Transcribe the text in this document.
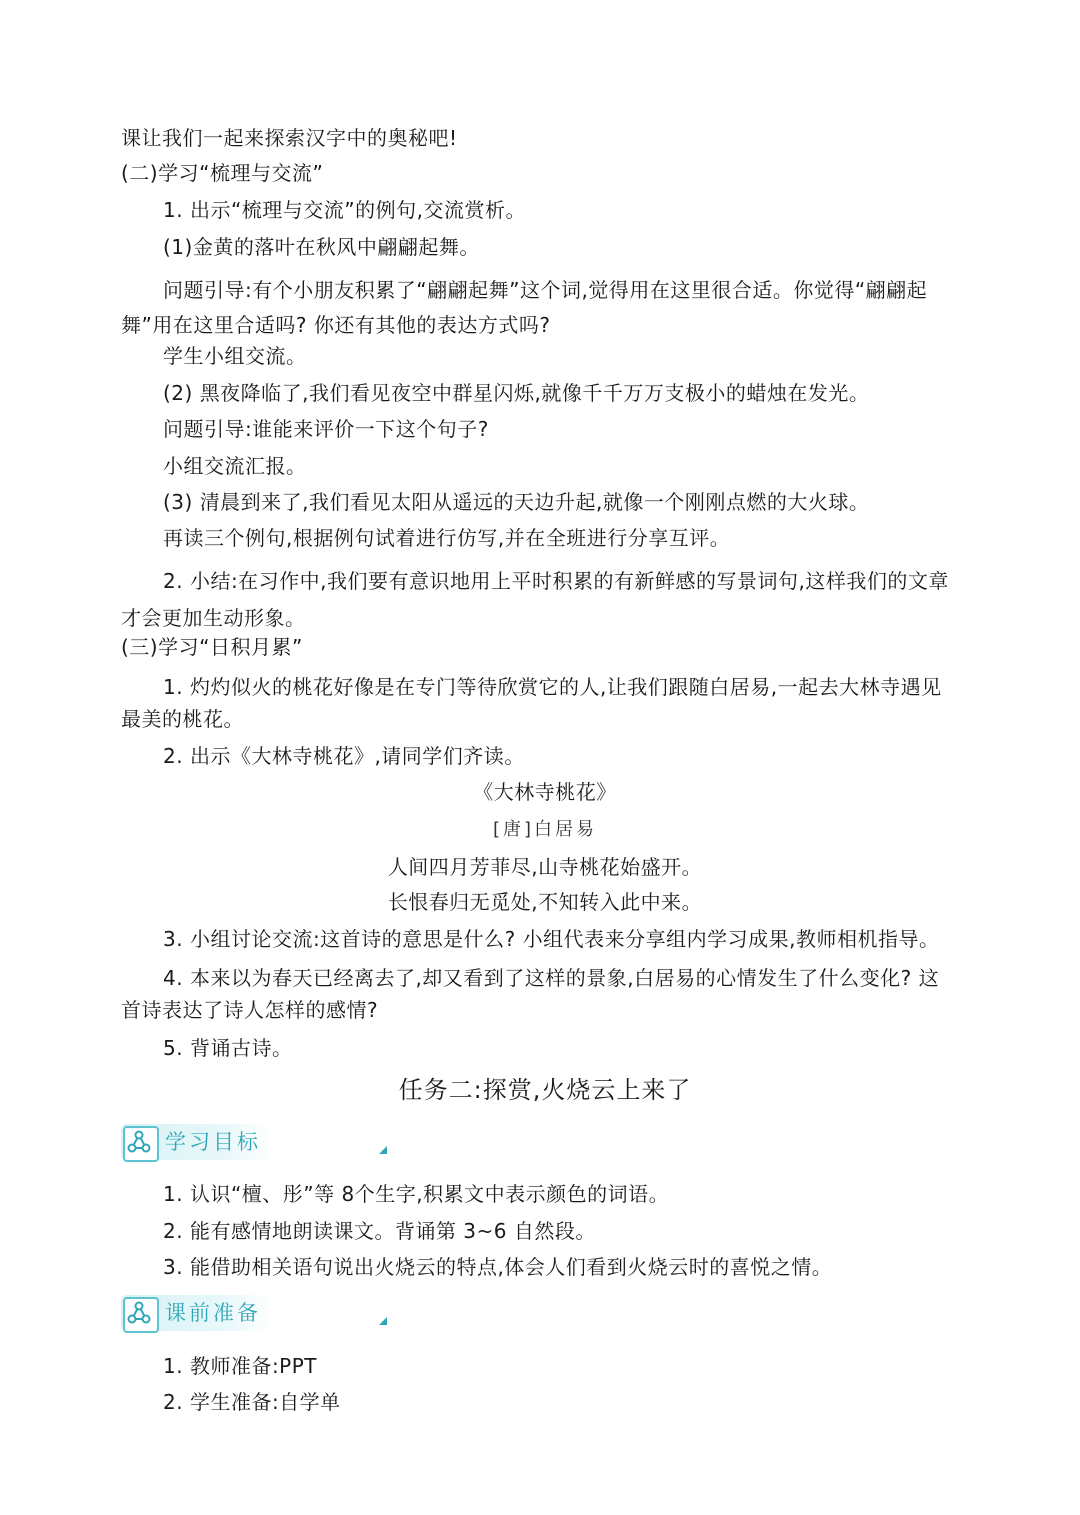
课让我们一起来探索汉字中的奥秘吧!
(二)学习“梳理与交流”
1. 出示“梳理与交流”的例句,交流赏析。
(1)金黄的落叶在秋风中翩翩起舞。
问题引导:有个小朋友积累了“翩翩起舞”这个词,觉得用在这里很合适。你觉得“翩翩起
舞”用在这里合适吗? 你还有其他的表达方式吗?
学生小组交流。
(2) 黑夜降临了,我们看见夜空中群星闪烁,就像千千万万支极小的蜡烛在发光。
问题引导:谁能来评价一下这个句子?
小组交流汇报。
(3) 清晨到来了,我们看见太阳从遥远的天边升起,就像一个刚刚点燃的大火球。
再读三个例句,根据例句试着进行仿写,并在全班进行分享互评。
2. 小结:在习作中,我们要有意识地用上平时积累的有新鲜感的写景词句,这样我们的文章
才会更加生动形象。
(三)学习“日积月累”
1. 灼灼似火的桃花好像是在专门等待欣赏它的人,让我们跟随白居易,一起去大林寺遇见
最美的桃花。
2. 出示《大林寺桃花》,请同学们齐读。
《大林寺桃花》
[唐]白居易
人间四月芳菲尽,山寺桃花始盛开。
长恨春归无觅处,不知转入此中来。
3. 小组讨论交流:这首诗的意思是什么? 小组代表来分享组内学习成果,教师相机指导。
4. 本来以为春天已经离去了,却又看到了这样的景象,白居易的心情发生了什么变化? 这
首诗表达了诗人怎样的感情?
5. 背诵古诗。
任务二:探赏,火烧云上来了
学习目标
1. 认识“檀、彤”等 8个生字,积累文中表示颜色的词语。
2. 能有感情地朗读课文。背诵第 3~6 自然段。
3. 能借助相关语句说出火烧云的特点,体会人们看到火烧云时的喜悦之情。
课前准备
1. 教师准备:PPT
2. 学生准备:自学单
